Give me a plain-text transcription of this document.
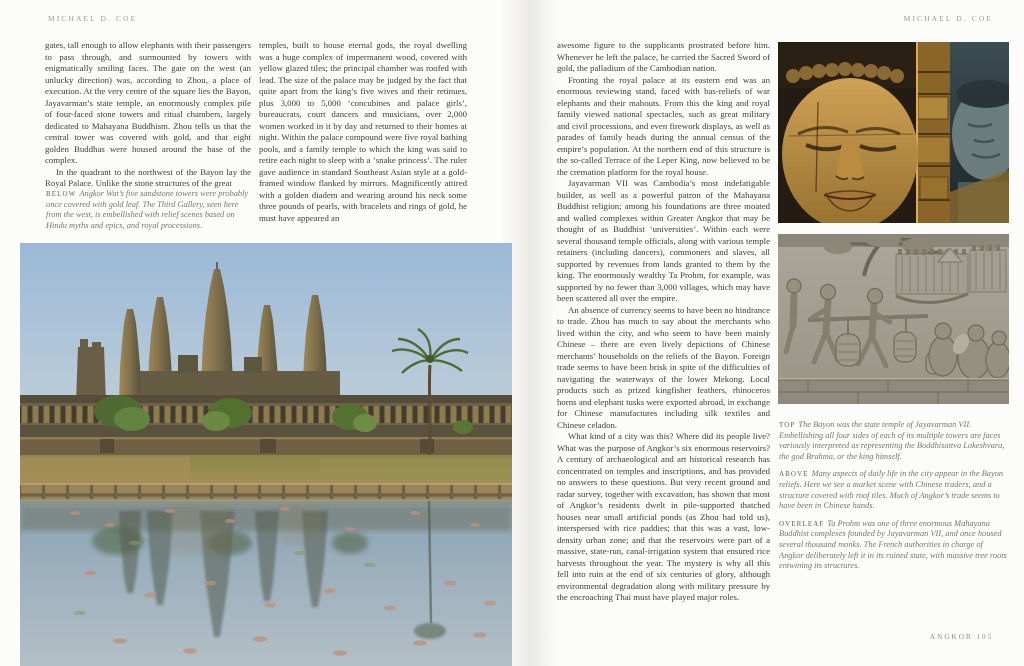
MICHAEL D. COE	MICHAEL D. COE

gates, tall enough to allow elephants with their passengers to pass through, and surmounted by towers with enigmatically smiling faces. The gate on the west (an unlucky direction) was, according to Zhou, a place of execution. At the very centre of the square lies the Bayon, Jayavarman’s state temple, an enormously complex pile of four-faced stone towers and ritual chambers, largely dedicated to Mahayana Buddhism. Zhou tells us that the central tower was covered with gold, and that eight golden Buddhas were housed around the base of the complex.

In the quadrant to the northwest of the Bayon lay the Royal Palace. Unlike the stone structures of the great

temples, built to house eternal gods, the royal dwelling was a huge complex of impermanent wood, covered with yellow glazed tiles; the principal chamber was roofed with lead. The size of the palace may be judged by the fact that quite apart from the king’s five wives and their retinues, plus 3,000 to 5,000 ‘concubines and palace girls’, bureaucrats, court dancers and musicians, over 2,000 women worked in it by day and returned to their homes at night. Within the palace compound were five royal bathing pools, and a family temple to which the king was said to retire each night to sleep with a ‘snake princess’. The ruler gave audience in standard Southeast Asian style at a gold-framed window flanked by mirrors. Magnificently attired with a golden diadem and wearing around his neck some three pounds of pearls, with bracelets and rings of gold, he must have appeared an

BELOW Angkor Wat’s five sandstone towers were probably once covered with gold leaf. The Third Gallery, seen here from the west, is embellished with relief scenes based on Hindu myths and epics, and royal processions.

awesome figure to the supplicants prostrated before him. Whenever he left the palace, he carried the Sacred Sword of gold, the palladium of the Cambodian nation.

Fronting the royal palace at its eastern end was an enormous reviewing stand, faced with bas-reliefs of war elephants and their mahouts. From this the king and royal family viewed national spectacles, such as great military and civil processions, and even firework displays, as well as parades of family heads during the annual census of the empire’s population. At the northern end of this structure is the so-called Terrace of the Leper King, now believed to be the cremation platform for the royal house.

Jayavarman VII was Cambodia’s most indefatigable builder, as well as a powerful patron of the Mahayana Buddhist religion; among his foundations are three moated and walled complexes within Greater Angkor that may be thought of as Buddhist ‘universities’. Within each were several thousand temple officials, along with various temple retainers (including dancers), commoners and slaves, all supported by revenues from lands granted to them by the king. The enormously wealthy Ta Prohm, for example, was supported by no fewer than 3,000 villages, which may have been scattered all over the empire.

An absence of currency seems to have been no hindrance to trade. Zhou has much to say about the merchants who lived within the city, and who seem to have been mainly Chinese – there are even lively depictions of Chinese merchants’ households on the reliefs of the Bayon. Foreign trade seems to have been brisk in spite of the difficulties of navigating the waterways of the lower Mekong. Local products such as prized kingfisher feathers, rhinoceros horns and elephant tusks were exported abroad, in exchange for Chinese manufactures including silk textiles and Chinese celadon.

What kind of a city was this? Where did its people live? What was the purpose of Angkor’s six enormous reservoirs? A century of archaeological and art historical research has concentrated on temples and inscriptions, and has provided no answers to these questions. But very recent ground and radar survey, together with excavation, has shown that most of Angkor’s residents dwelt in pile-supported thatched houses near small artificial ponds (as Zhou had told us), interspersed with rice paddies; that this was a vast, low-density urban zone; and that the reservoirs were part of a massive, state-run, canal-irrigation system that ensured rice harvests throughout the year. The mystery is why all this fell into ruin at the end of six centuries of glory, although environmental degradation along with military pressure by the encroaching Thai must have played major roles.

TOP The Bayon was the state temple of Jayavarman VII. Embellishing all four sides of each of its multiple towers are faces variously interpreted as representing the Boddhisattva Lokeshvara, the god Brahma, or the king himself.

ABOVE Many aspects of daily life in the city appear in the Bayon reliefs. Here we see a market scene with Chinese traders, and a structure covered with roof tiles. Much of Angkor’s trade seems to have been in Chinese hands.

OVERLEAF Ta Prohm was one of three enormous Mahayana Buddhist complexes founded by Jayavarman VII, and once housed several thousand monks. The French authorities in charge of Angkor deliberately left it in its ruined state, with massive tree roots entwining its structures.

ANGKOR 105
